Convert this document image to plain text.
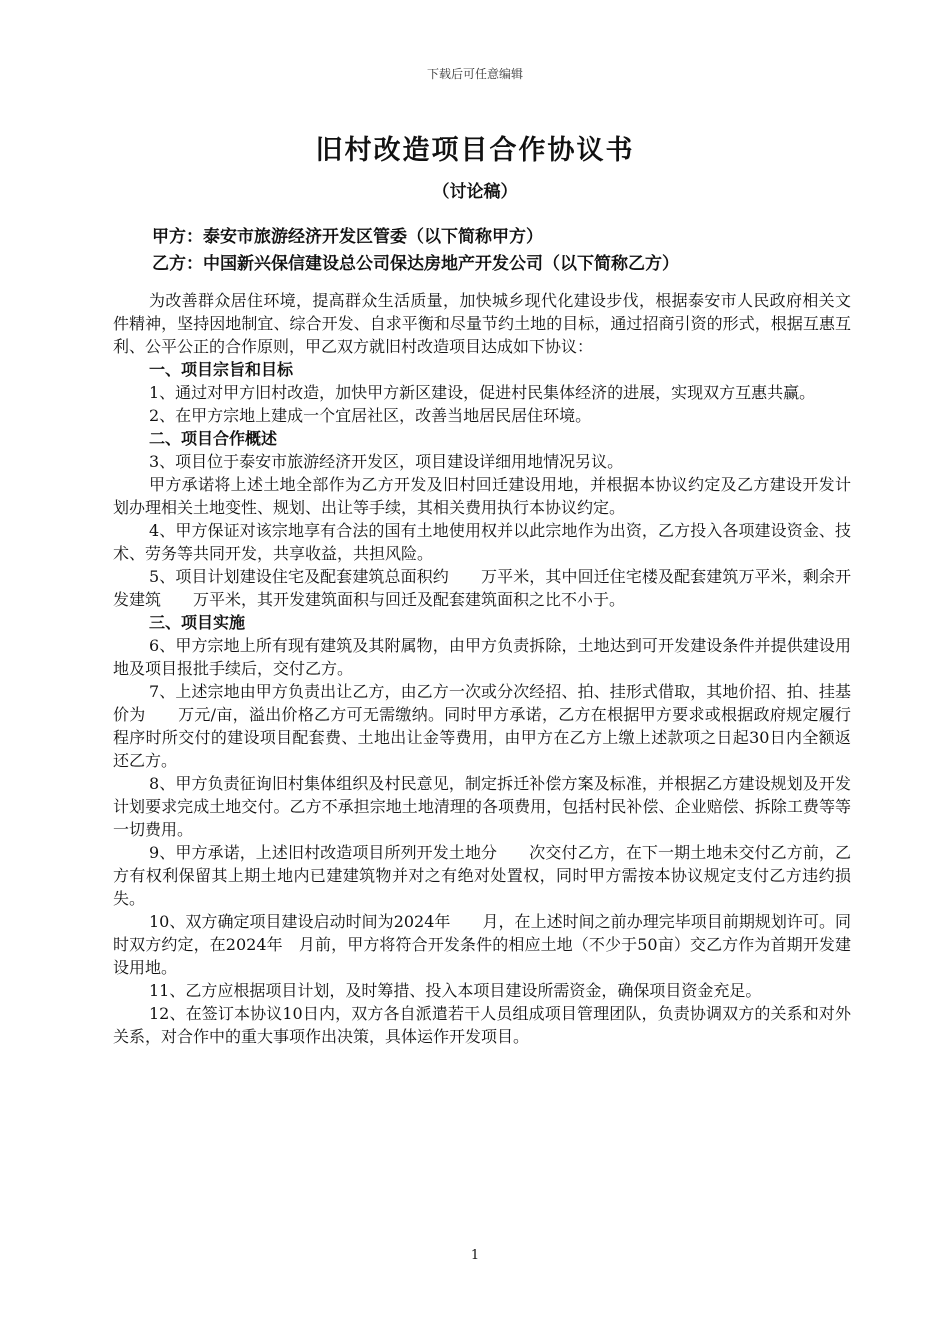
下载后可任意编辑
旧村改造项目合作协议书
（讨论稿）
甲方：泰安市旅游经济开发区管委（以下简称甲方）
乙方：中国新兴保信建设总公司保达房地产开发公司（以下简称乙方）

为改善群众居住环境，提高群众生活质量，加快城乡现代化建设步伐，根据泰安市人民政府相关文件精神，坚持因地制宜、综合开发、自求平衡和尽量节约土地的目标，通过招商引资的形式，根据互惠互利、公平公正的合作原则，甲乙双方就旧村改造项目达成如下协议：

一、项目宗旨和目标

1、通过对甲方旧村改造，加快甲方新区建设，促进村民集体经济的进展，实现双方互惠共赢。

2、在甲方宗地上建成一个宜居社区，改善当地居民居住环境。

二、项目合作概述

3、项目位于泰安市旅游经济开发区，项目建设详细用地情况另议。

甲方承诺将上述土地全部作为乙方开发及旧村回迁建设用地，并根据本协议约定及乙方建设开发计划办理相关土地变性、规划、出让等手续，其相关费用执行本协议约定。

4、甲方保证对该宗地享有合法的国有土地使用权并以此宗地作为出资，乙方投入各项建设资金、技术、劳务等共同开发，共享收益，共担风险。

5、项目计划建设住宅及配套建筑总面积约　　万平米，其中回迁住宅楼及配套建筑万平米，剩余开发建筑　　万平米，其开发建筑面积与回迁及配套建筑面积之比不小于。

三、项目实施

6、甲方宗地上所有现有建筑及其附属物，由甲方负责拆除，土地达到可开发建设条件并提供建设用地及项目报批手续后，交付乙方。

7、上述宗地由甲方负责出让乙方，由乙方一次或分次经招、拍、挂形式借取，其地价招、拍、挂基价为　　万元/亩，溢出价格乙方可无需缴纳。同时甲方承诺，乙方在根据甲方要求或根据政府规定履行程序时所交付的建设项目配套费、土地出让金等费用，由甲方在乙方上缴上述款项之日起30日内全额返还乙方。

8、甲方负责征询旧村集体组织及村民意见，制定拆迁补偿方案及标准，并根据乙方建设规划及开发计划要求完成土地交付。乙方不承担宗地土地清理的各项费用，包括村民补偿、企业赔偿、拆除工费等等一切费用。

9、甲方承诺，上述旧村改造项目所列开发土地分　　次交付乙方，在下一期土地未交付乙方前，乙方有权利保留其上期土地内已建建筑物并对之有绝对处置权，同时甲方需按本协议规定支付乙方违约损失。

10、双方确定项目建设启动时间为2024年　　月，在上述时间之前办理完毕项目前期规划许可。同时双方约定，在2024年　月前，甲方将符合开发条件的相应土地（不少于50亩）交乙方作为首期开发建设用地。

11、乙方应根据项目计划，及时筹措、投入本项目建设所需资金，确保项目资金充足。

12、在签订本协议10日内，双方各自派遣若干人员组成项目管理团队，负责协调双方的关系和对外关系，对合作中的重大事项作出决策，具体运作开发项目。

1
